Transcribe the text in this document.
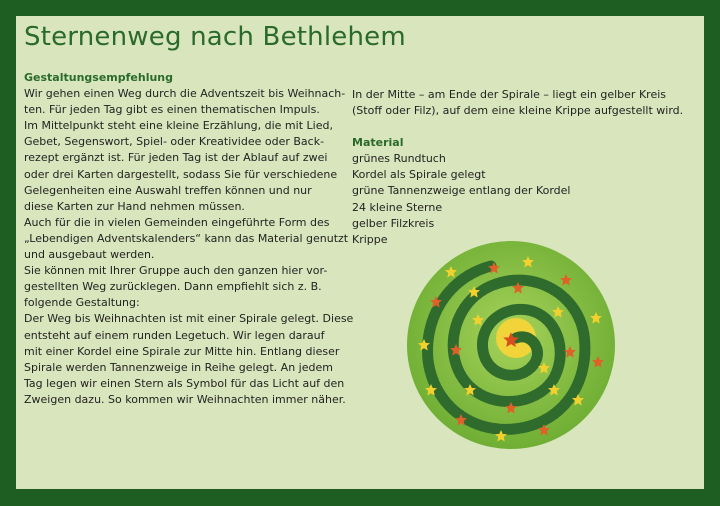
Sternenweg nach Bethlehem
Gestaltungsempfehlung
Wir gehen einen Weg durch die Adventszeit bis Weihnach-
ten. Für jeden Tag gibt es einen thematischen Impuls.
Im Mittelpunkt steht eine kleine Erzählung, die mit Lied,
Gebet, Segenswort, Spiel- oder Kreativideе oder Back-
rezept ergänzt ist. Für jeden Tag ist der Ablauf auf zwei
oder drei Karten dargestellt, sodass Sie für verschiedene
Gelegenheiten eine Auswahl treffen können und nur
diese Karten zur Hand nehmen müssen.
Auch für die in vielen Gemeinden eingeführte Form des
„Lebendigen Adventskalenders“ kann das Material genutzt
und ausgebaut werden.
Sie können mit Ihrer Gruppe auch den ganzen hier vor-
gestellten Weg zurücklegen. Dann empfiehlt sich z. B.
folgende Gestaltung:
Der Weg bis Weihnachten ist mit einer Spirale gelegt. Diese
entsteht auf einem runden Legetuch. Wir legen darauf
mit einer Kordel eine Spirale zur Mitte hin. Entlang dieser
Spirale werden Tannenzweige in Reihe gelegt. An jedem
Tag legen wir einen Stern als Symbol für das Licht auf den
Zweigen dazu. So kommen wir Weihnachten immer näher.
In der Mitte – am Ende der Spirale – liegt ein gelber Kreis
(Stoff oder Filz), auf dem eine kleine Krippe aufgestellt wird.
Material
grünes Rundtuch
Kordel als Spirale gelegt
grüne Tannenzweige entlang der Kordel
24 kleine Sterne
gelber Filzkreis
Krippe
